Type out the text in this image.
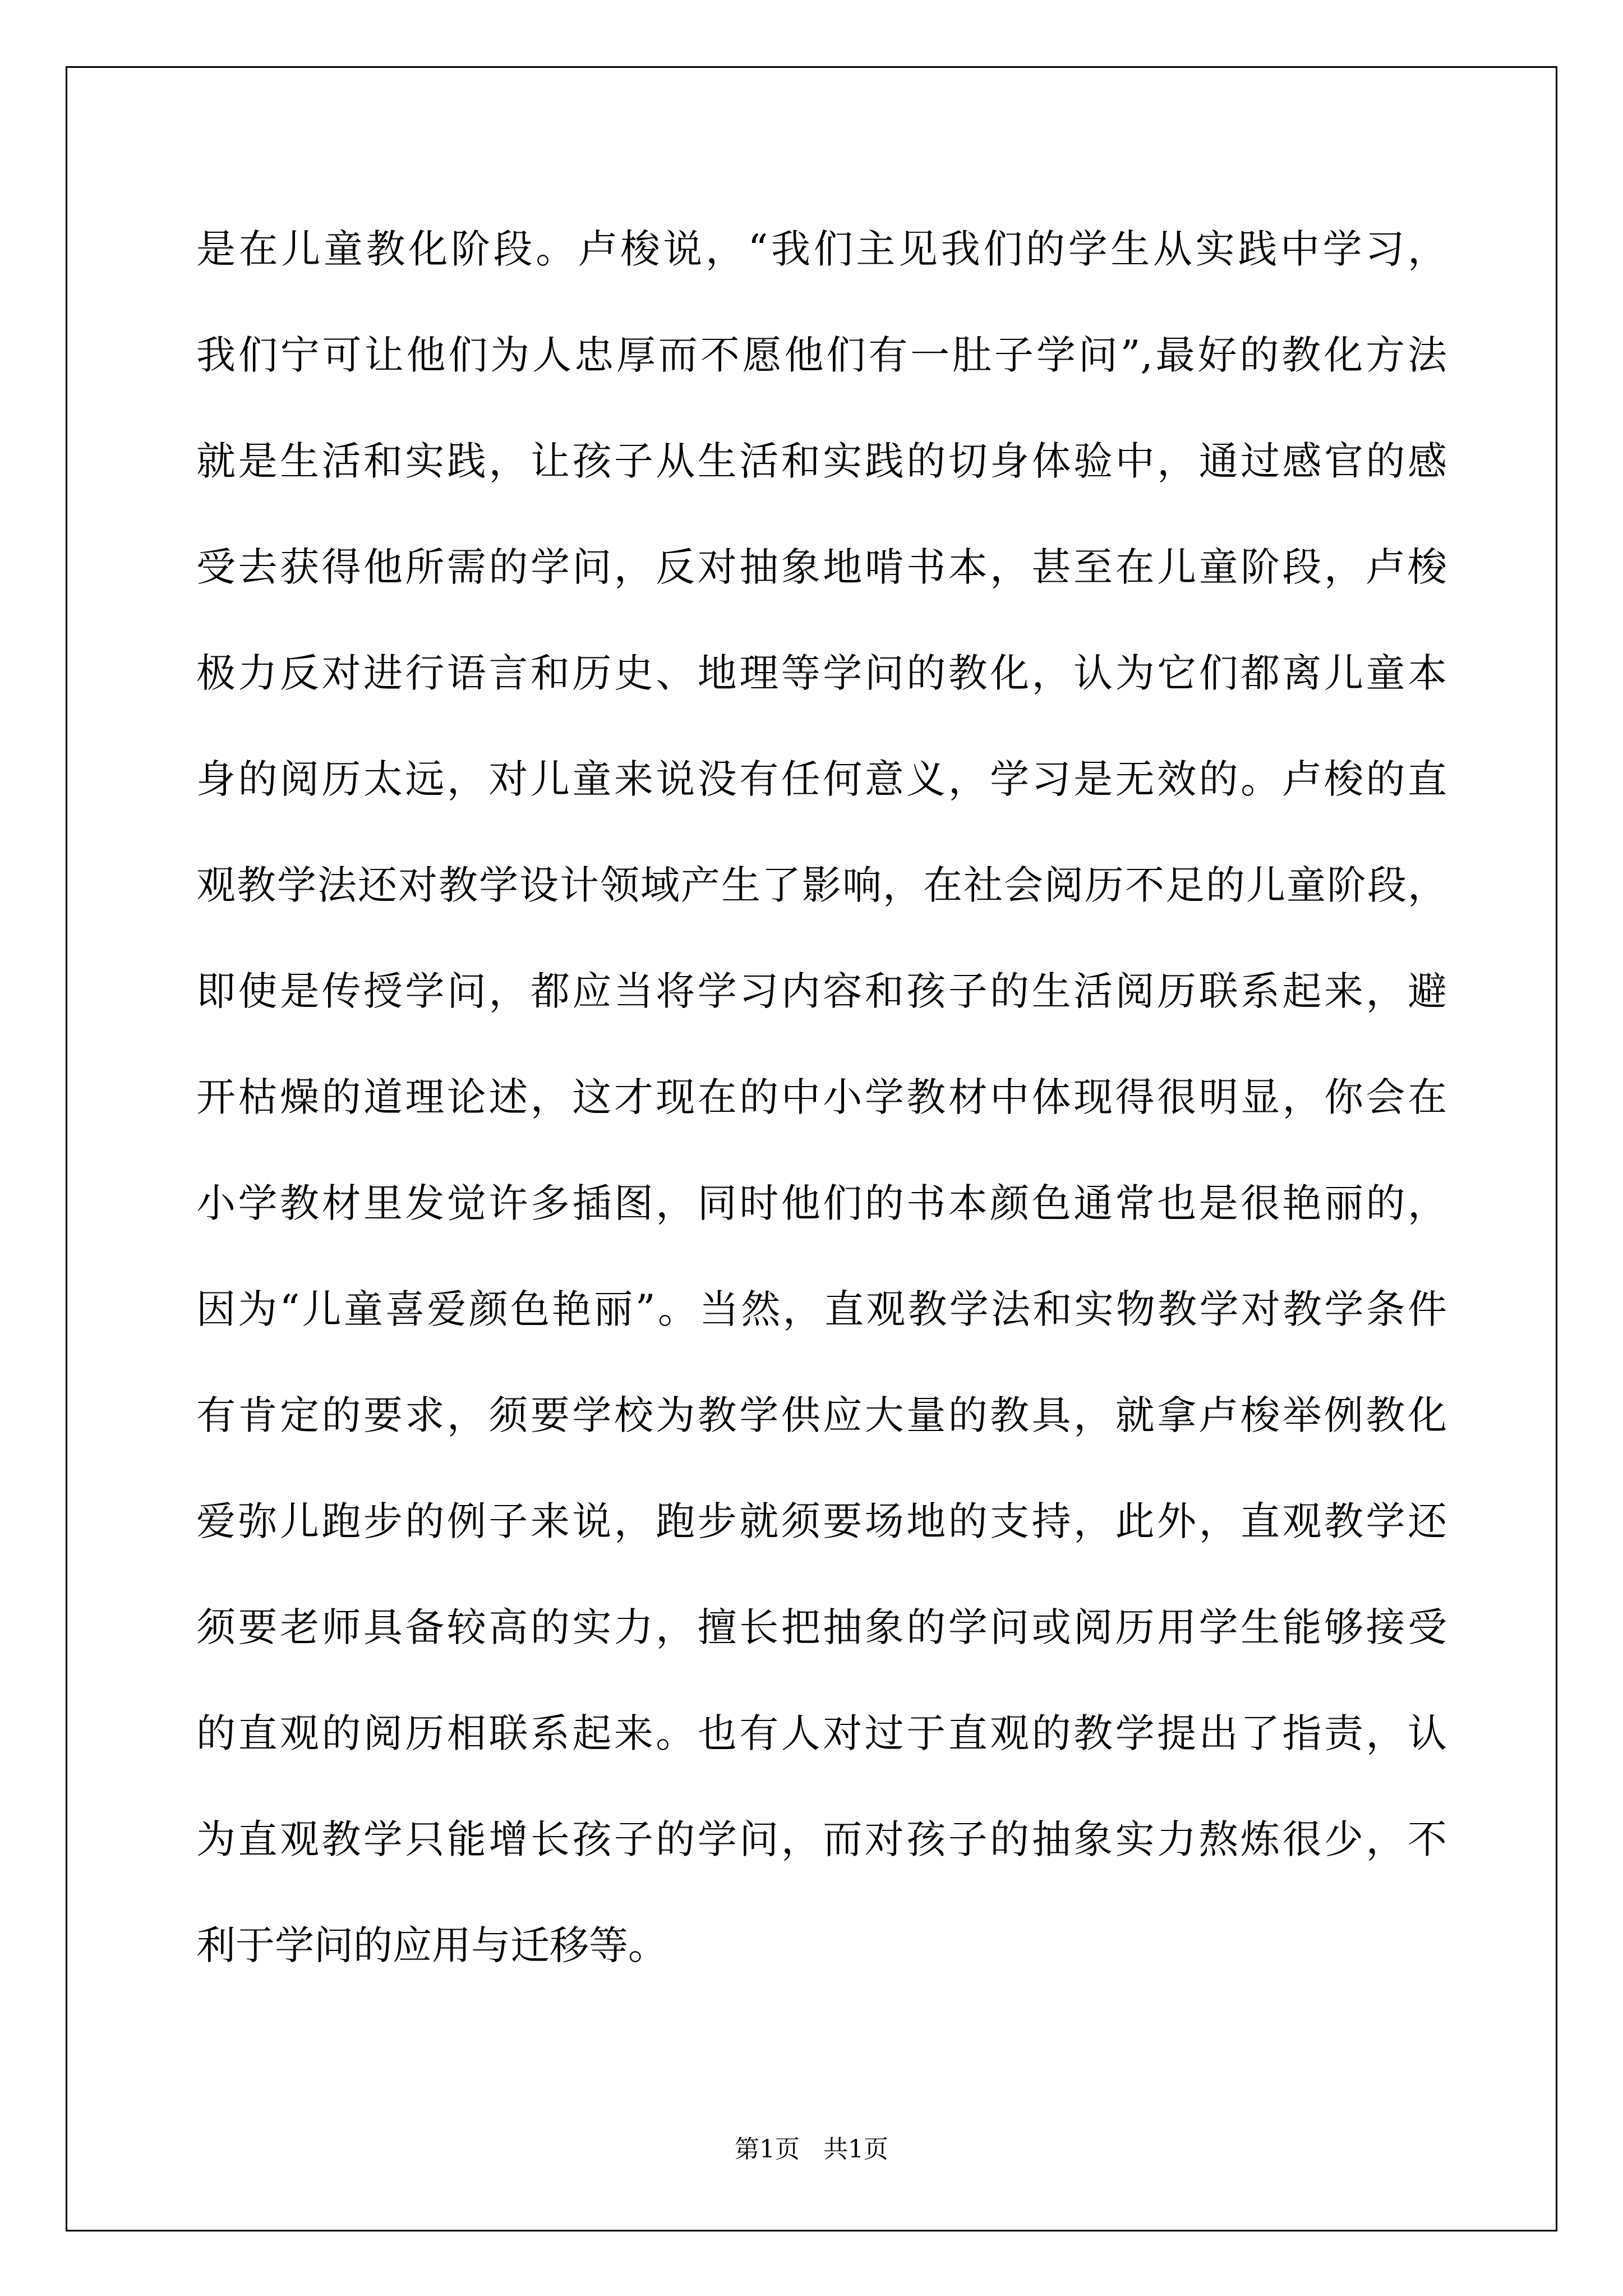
是在儿童教化阶段。卢梭说，“我们主见我们的学生从实践中学习，
我们宁可让他们为人忠厚而不愿他们有一肚子学问”,最好的教化方法
就是生活和实践，让孩子从生活和实践的切身体验中，通过感官的感
受去获得他所需的学问，反对抽象地啃书本，甚至在儿童阶段，卢梭
极力反对进行语言和历史、地理等学问的教化，认为它们都离儿童本
身的阅历太远，对儿童来说没有任何意义，学习是无效的。卢梭的直
观教学法还对教学设计领域产生了影响，在社会阅历不足的儿童阶段，
即使是传授学问，都应当将学习内容和孩子的生活阅历联系起来，避
开枯燥的道理论述，这才现在的中小学教材中体现得很明显，你会在
小学教材里发觉许多插图，同时他们的书本颜色通常也是很艳丽的，
因为“儿童喜爱颜色艳丽”。当然，直观教学法和实物教学对教学条件
有肯定的要求，须要学校为教学供应大量的教具，就拿卢梭举例教化
爱弥儿跑步的例子来说，跑步就须要场地的支持，此外，直观教学还
须要老师具备较高的实力，擅长把抽象的学问或阅历用学生能够接受
的直观的阅历相联系起来。也有人对过于直观的教学提出了指责，认
为直观教学只能增长孩子的学问，而对孩子的抽象实力熬炼很少，不
利于学问的应用与迁移等。
第1页   共1页
